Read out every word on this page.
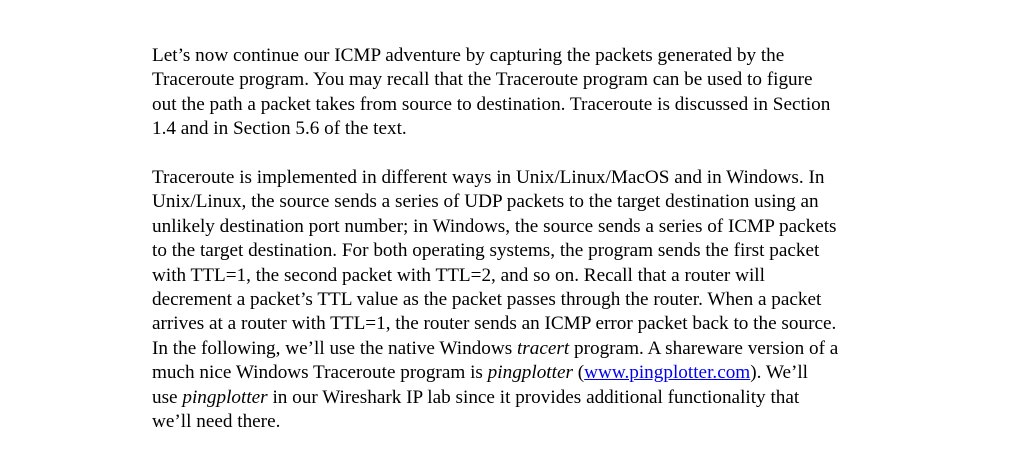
Let’s now continue our ICMP adventure by capturing the packets generated by the
Traceroute program. You may recall that the Traceroute program can be used to figure
out the path a packet takes from source to destination. Traceroute is discussed in Section
1.4 and in Section 5.6 of the text.

Traceroute is implemented in different ways in Unix/Linux/MacOS and in Windows. In
Unix/Linux, the source sends a series of UDP packets to the target destination using an
unlikely destination port number; in Windows, the source sends a series of ICMP packets
to the target destination. For both operating systems, the program sends the first packet
with TTL=1, the second packet with TTL=2, and so on. Recall that a router will
decrement a packet’s TTL value as the packet passes through the router. When a packet
arrives at a router with TTL=1, the router sends an ICMP error packet back to the source.
In the following, we’ll use the native Windows tracert program. A shareware version of a
much nice Windows Traceroute program is pingplotter (www.pingplotter.com). We’ll
use pingplotter in our Wireshark IP lab since it provides additional functionality that
we’ll need there.
